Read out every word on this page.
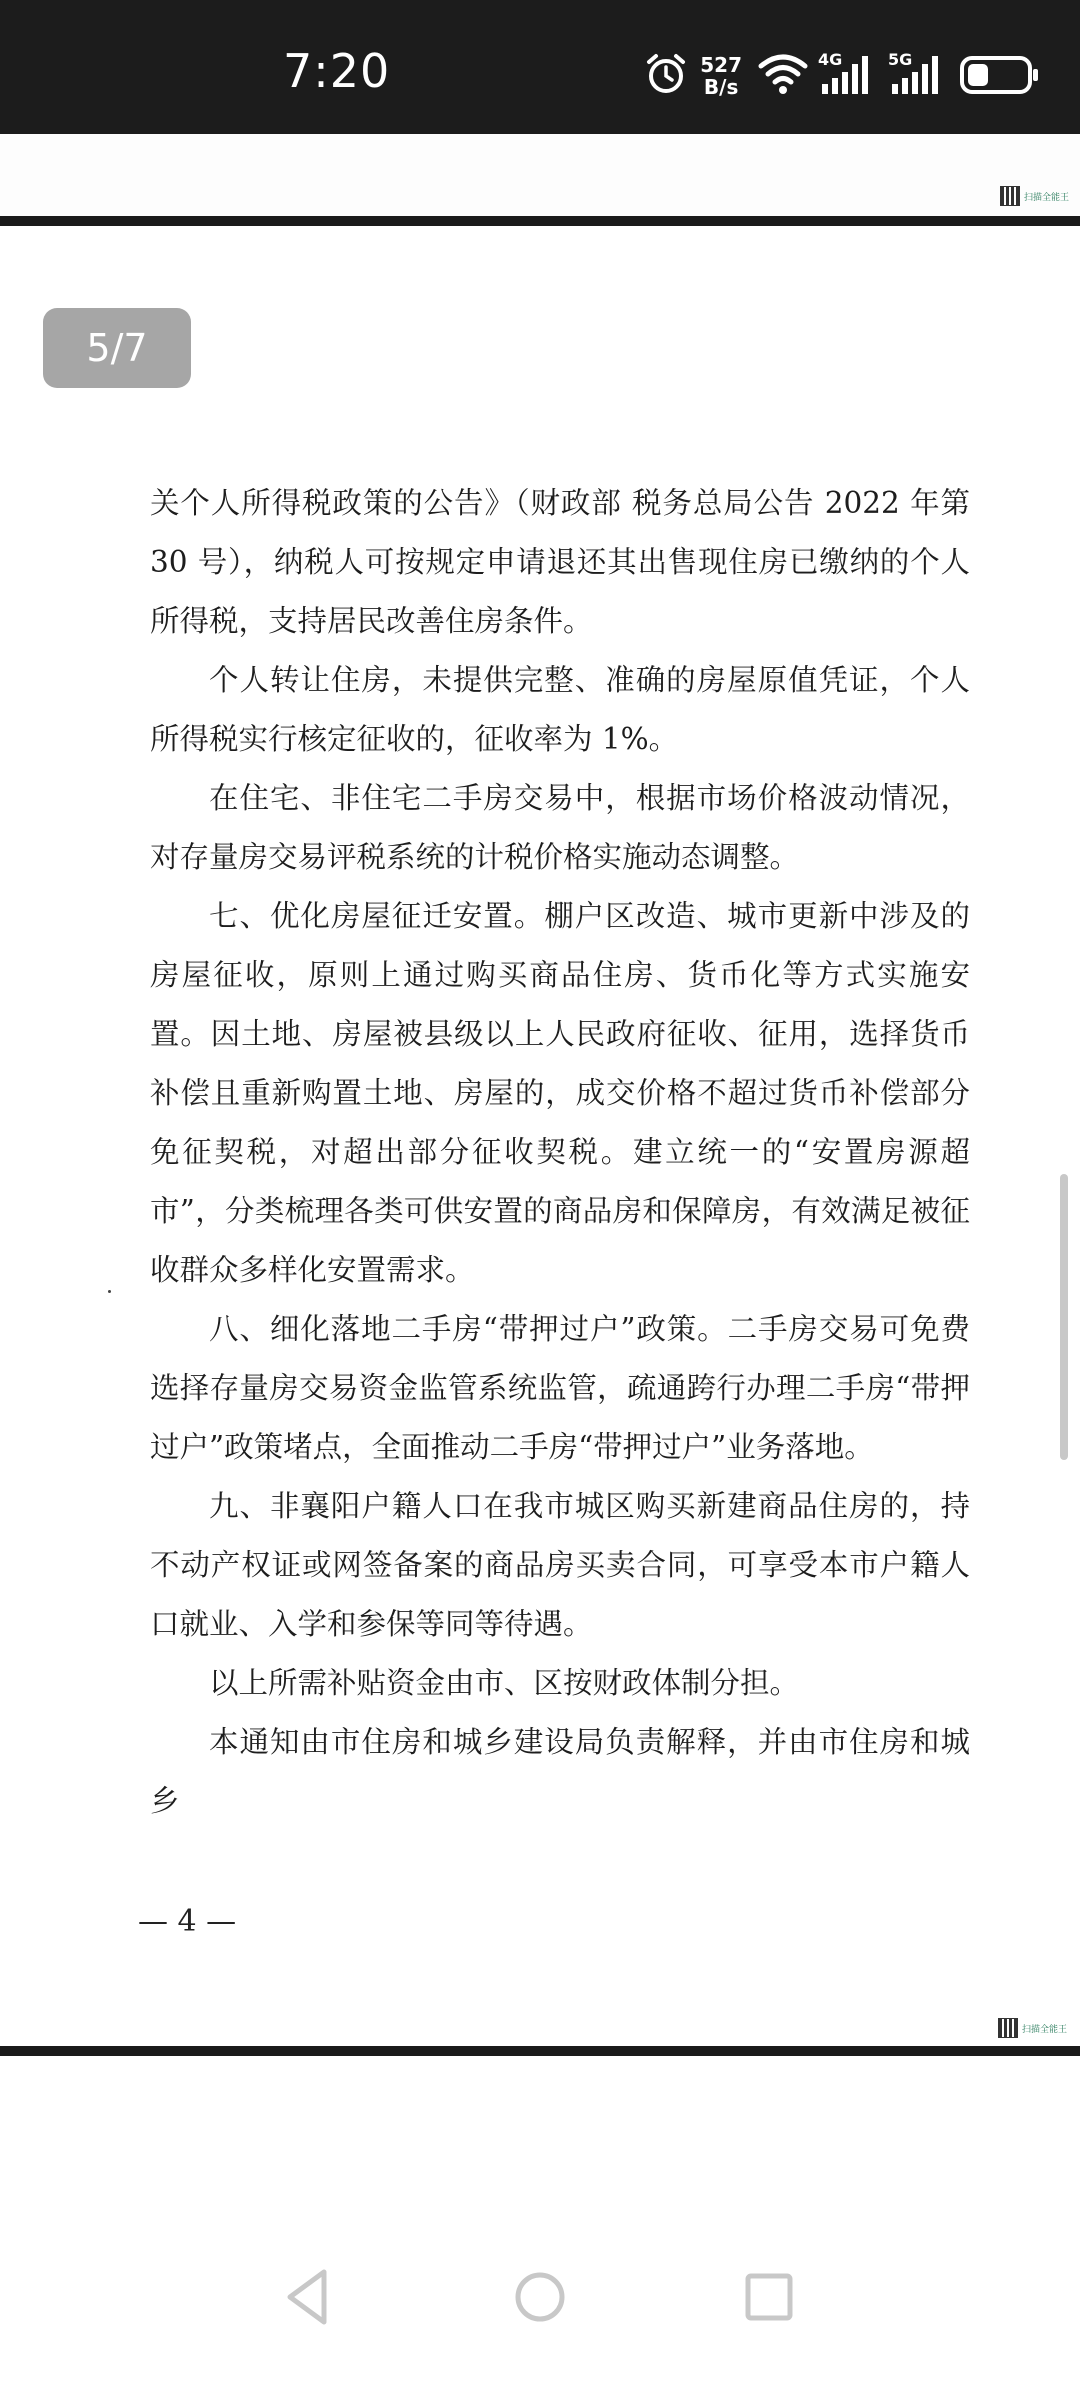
7:20	527
B/s
4G	5G
扫描全能王
5/7

关个人所得税政策的公告》（财政部 税务总局公告 2022 年第 30 号），纳税人可按规定申请退还其出售现住房已缴纳的个人所得税，支持居民改善住房条件。

个人转让住房，未提供完整、准确的房屋原值凭证，个人所得税实行核定征收的，征收率为 1%。

在住宅、非住宅二手房交易中，根据市场价格波动情况，对存量房交易评税系统的计税价格实施动态调整。

七、优化房屋征迁安置。棚户区改造、城市更新中涉及的房屋征收，原则上通过购买商品住房、货币化等方式实施安置。因土地、房屋被县级以上人民政府征收、征用，选择货币补偿且重新购置土地、房屋的，成交价格不超过货币补偿部分免征契税，对超出部分征收契税。建立统一的“安置房源超市”，分类梳理各类可供安置的商品房和保障房，有效满足被征收群众多样化安置需求。

八、细化落地二手房“带押过户”政策。二手房交易可免费选择存量房交易资金监管系统监管，疏通跨行办理二手房“带押过户”政策堵点，全面推动二手房“带押过户”业务落地。

九、非襄阳户籍人口在我市城区购买新建商品住房的，持不动产权证或网签备案的商品房买卖合同，可享受本市户籍人口就业、入学和参保等同等待遇。

以上所需补贴资金由市、区按财政体制分担。

本通知由市住房和城乡建设局负责解释，并由市住房和城乡

— 4 —
扫描全能王
